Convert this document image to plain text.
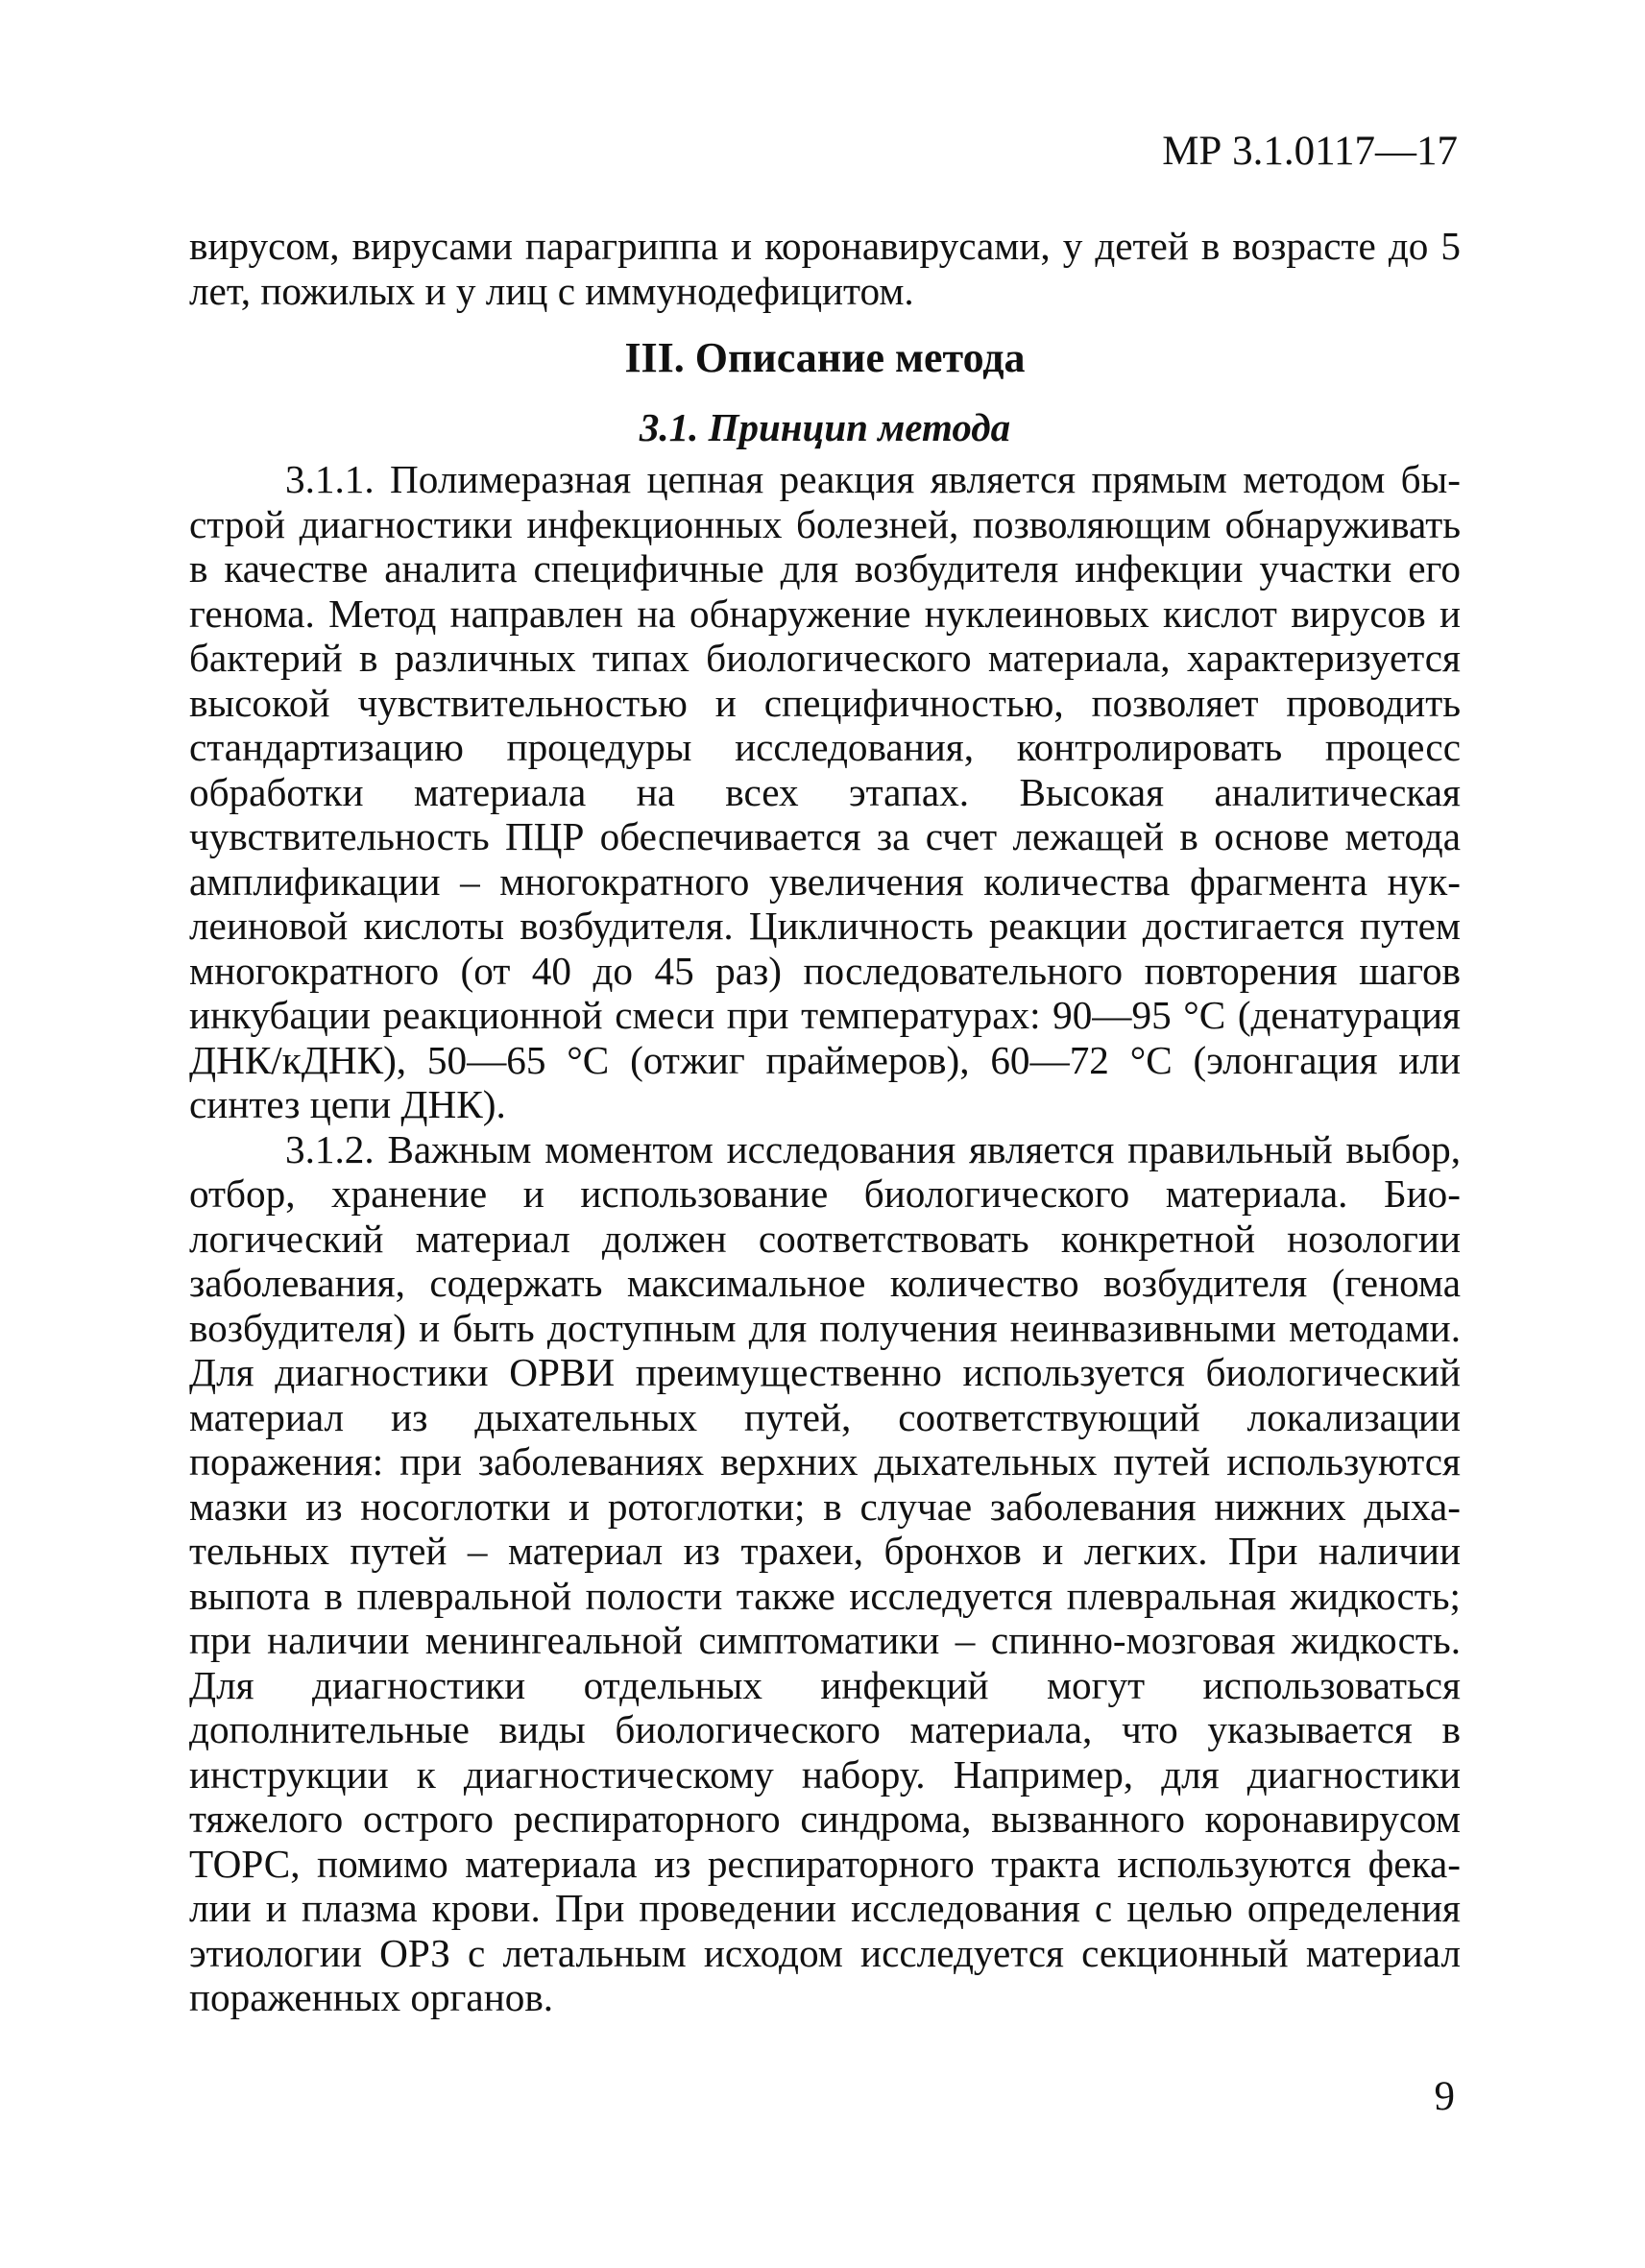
МР 3.1.0117—17

вирусом, вирусами парагриппа и коронавирусами, у детей в возрасте до 5 лет, пожилых и у лиц с иммунодефицитом.

III. Описание метода
3.1. Принцип метода

3.1.1. Полимеразная цепная реакция является прямым методом быстрой диагностики инфекционных болезней, позволяющим обнаруживать в качестве аналита специфичные для возбудителя инфекции участки его генома. Метод направлен на обнаружение нуклеиновых кислот вирусов и бактерий в различных типах биологического материала, характеризуется высокой чувствительностью и специфичностью, позволяет проводить стандартизацию процедуры исследования, контролировать процесс обработки материала на всех этапах. Высокая аналитическая чувствительность ПЦР обеспечивается за счет лежащей в основе метода амплификации – многократного увеличения количества фрагмента нуклеиновой кислоты возбудителя. Цикличность реакции достигается путем многократного (от 40 до 45 раз) последовательного повторения шагов инкубации реакционной смеси при температурах: 90—95 °С (денатурация ДНК/кДНК), 50—65 °С (отжиг праймеров), 60—72 °С (элонгация или синтез цепи ДНК).

3.1.2. Важным моментом исследования является правильный выбор, отбор, хранение и использование биологического материала. Биологический материал должен соответствовать конкретной нозологии заболевания, содержать максимальное количество возбудителя (генома возбудителя) и быть доступным для получения неинвазивными методами. Для диагностики ОРВИ преимущественно используется биологический материал из дыхательных путей, соответствующий локализации поражения: при заболеваниях верхних дыхательных путей используются мазки из носоглотки и ротоглотки; в случае заболевания нижних дыхательных путей – материал из трахеи, бронхов и легких. При наличии выпота в плевральной полости также исследуется плевральная жидкость; при наличии менингеальной симптоматики – спинно-мозговая жидкость. Для диагностики отдельных инфекций могут использоваться дополнительные виды биологического материала, что указывается в инструкции к диагностическому набору. Например, для диагностики тяжелого острого респираторного синдрома, вызванного коронавирусом ТОРС, помимо материала из респираторного тракта используются фекалии и плазма крови. При проведении исследования с целью определения этиологии ОРЗ с летальным исходом исследуется секционный материал пораженных органов.

9
